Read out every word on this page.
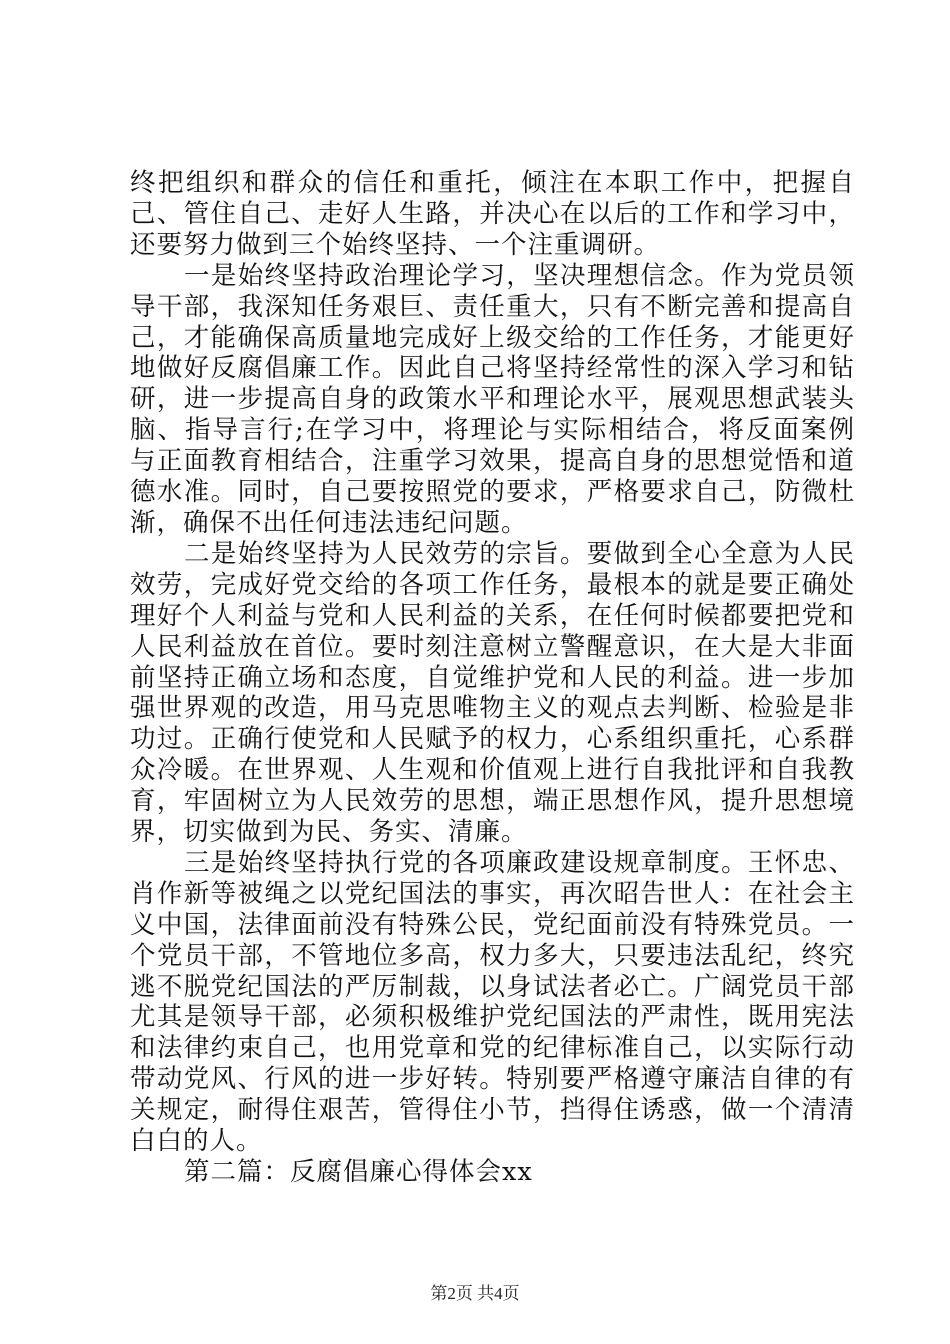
终把组织和群众的信任和重托，倾注在本职工作中，把握自己、管住自己、走好人生路，并决心在以后的工作和学习中，还要努力做到三个始终坚持、一个注重调研。

一是始终坚持政治理论学习，坚决理想信念。作为党员领导干部，我深知任务艰巨、责任重大，只有不断完善和提高自己，才能确保高质量地完成好上级交给的工作任务，才能更好地做好反腐倡廉工作。因此自己将坚持经常性的深入学习和钻研，进一步提高自身的政策水平和理论水平，展观思想武装头脑、指导言行;在学习中，将理论与实际相结合，将反面案例与正面教育相结合，注重学习效果，提高自身的思想觉悟和道德水准。同时，自己要按照党的要求，严格要求自己，防微杜渐，确保不出任何违法违纪问题。

二是始终坚持为人民效劳的宗旨。要做到全心全意为人民效劳，完成好党交给的各项工作任务，最根本的就是要正确处理好个人利益与党和人民利益的关系，在任何时候都要把党和人民利益放在首位。要时刻注意树立警醒意识，在大是大非面前坚持正确立场和态度，自觉维护党和人民的利益。进一步加强世界观的改造，用马克思唯物主义的观点去判断、检验是非功过。正确行使党和人民赋予的权力，心系组织重托，心系群众冷暖。在世界观、人生观和价值观上进行自我批评和自我教育，牢固树立为人民效劳的思想，端正思想作风，提升思想境界，切实做到为民、务实、清廉。

三是始终坚持执行党的各项廉政建设规章制度。王怀忠、肖作新等被绳之以党纪国法的事实，再次昭告世人：在社会主义中国，法律面前没有特殊公民，党纪面前没有特殊党员。一个党员干部，不管地位多高，权力多大，只要违法乱纪，终究逃不脱党纪国法的严厉制裁，以身试法者必亡。广阔党员干部尤其是领导干部，必须积极维护党纪国法的严肃性，既用宪法和法律约束自己，也用党章和党的纪律标准自己，以实际行动带动党风、行风的进一步好转。特别要严格遵守廉洁自律的有关规定，耐得住艰苦，管得住小节，挡得住诱惑，做一个清清白白的人。

第二篇：反腐倡廉心得体会xx

第2页 共4页
